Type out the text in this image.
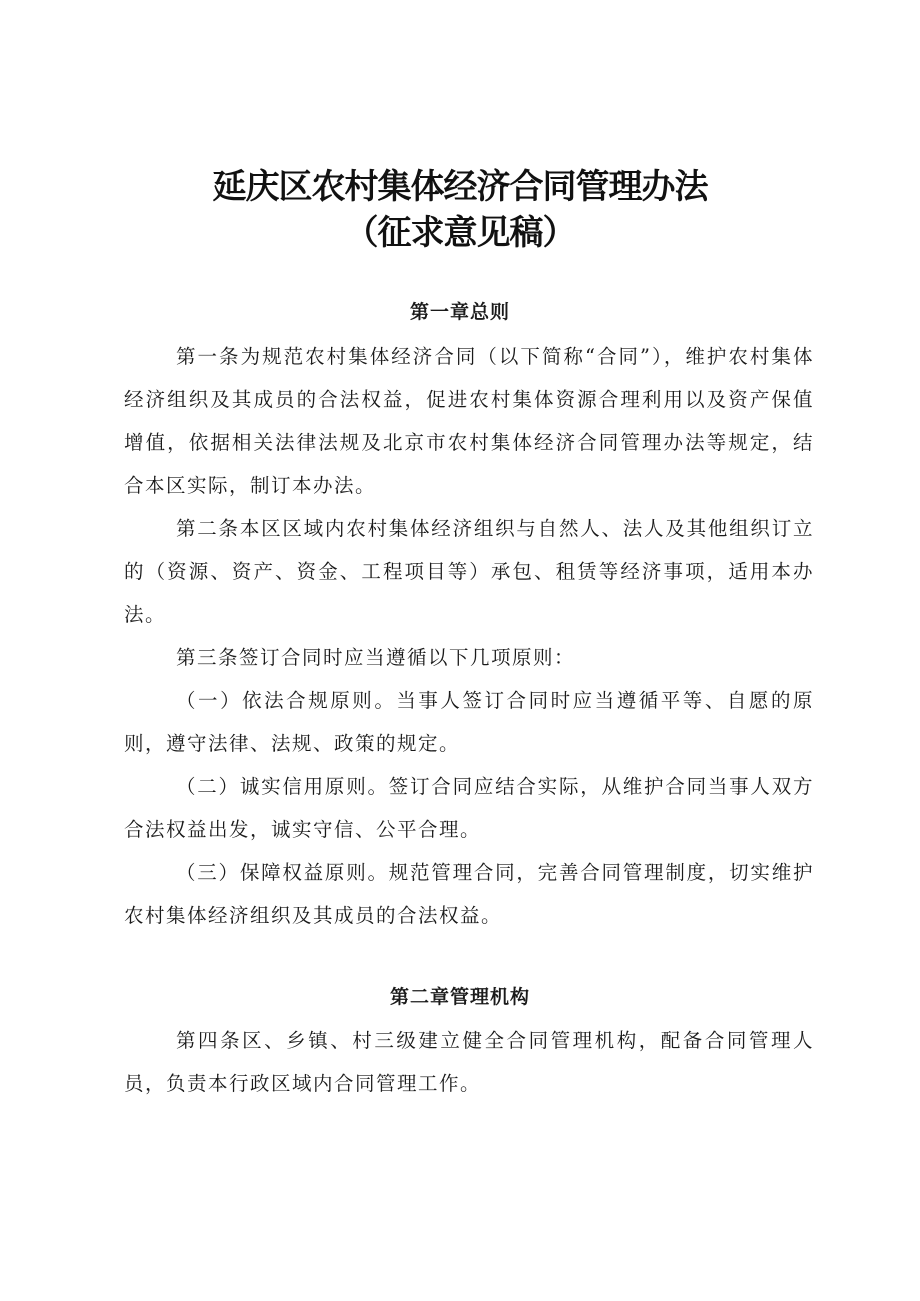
延庆区农村集体经济合同管理办法
（征求意见稿）
第一章总则

第一条为规范农村集体经济合同（以下简称“合同”），维护农村集体经济组织及其成员的合法权益，促进农村集体资源合理利用以及资产保值增值，依据相关法律法规及北京市农村集体经济合同管理办法等规定，结合本区实际，制订本办法。

第二条本区区域内农村集体经济组织与自然人、法人及其他组织订立的（资源、资产、资金、工程项目等）承包、租赁等经济事项，适用本办法。

第三条签订合同时应当遵循以下几项原则：

（一）依法合规原则。当事人签订合同时应当遵循平等、自愿的原则，遵守法律、法规、政策的规定。

（二）诚实信用原则。签订合同应结合实际，从维护合同当事人双方合法权益出发，诚实守信、公平合理。

（三）保障权益原则。规范管理合同，完善合同管理制度，切实维护农村集体经济组织及其成员的合法权益。

第二章管理机构

第四条区、乡镇、村三级建立健全合同管理机构，配备合同管理人员，负责本行政区域内合同管理工作。
